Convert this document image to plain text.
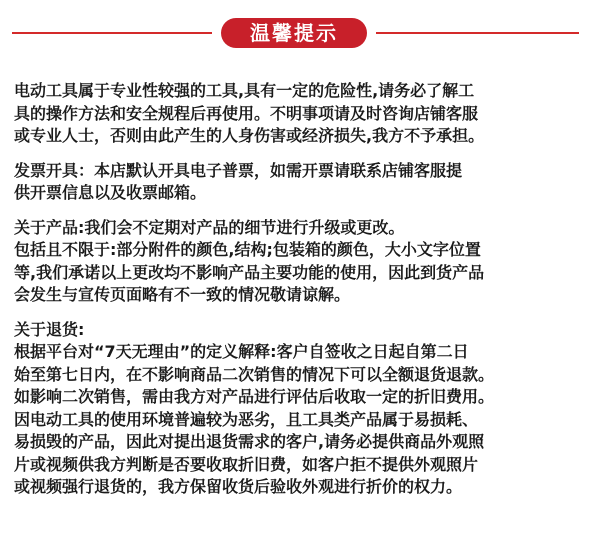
温馨提示

电动工具属于专业性较强的工具,具有一定的危险性,请务必了解工

具的操作方法和安全规程后再使用。不明事项请及时咨询店铺客服

或专业人士，否则由此产生的人身伤害或经济损失,我方不予承担。

发票开具：本店默认开具电子普票，如需开票请联系店铺客服提

供开票信息以及收票邮箱。

关于产品:我们会不定期对产品的细节进行升级或更改。

包括且不限于:部分附件的颜色,结构;包装箱的颜色，大小文字位置

等,我们承诺以上更改均不影响产品主要功能的使用，因此到货产品

会发生与宣传页面略有不一致的情况敬请谅解。

关于退货:

根据平台对“7天无理由”的定义解释:客户自签收之日起自第二日

始至第七日内，在不影响商品二次销售的情况下可以全额退货退款。

如影响二次销售，需由我方对产品进行评估后收取一定的折旧费用。

因电动工具的使用环境普遍较为恶劣，且工具类产品属于易损耗、

易损毁的产品，因此对提出退货需求的客户,请务必提供商品外观照

片或视频供我方判断是否要收取折旧费，如客户拒不提供外观照片

或视频强行退货的，我方保留收货后验收外观进行折价的权力。
